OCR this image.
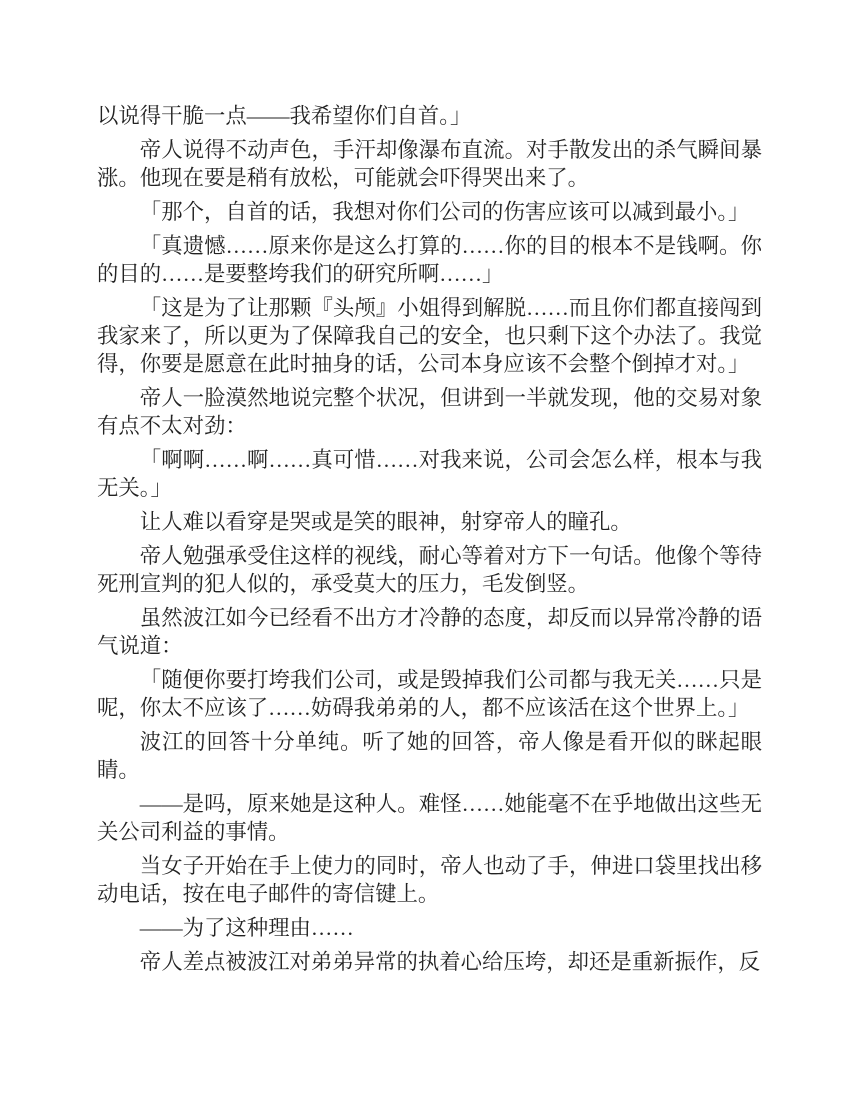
以说得干脆一点——我希望你们自首。」

帝人说得不动声色，手汗却像瀑布直流。对手散发出的杀气瞬间暴涨。他现在要是稍有放松，可能就会吓得哭出来了。

「那个，自首的话，我想对你们公司的伤害应该可以减到最小。」

「真遗憾……原来你是这么打算的……你的目的根本不是钱啊。你的目的……是要整垮我们的研究所啊……」

「这是为了让那颗『头颅』小姐得到解脱……而且你们都直接闯到我家来了，所以更为了保障我自己的安全，也只剩下这个办法了。我觉得，你要是愿意在此时抽身的话，公司本身应该不会整个倒掉才对。」

帝人一脸漠然地说完整个状况，但讲到一半就发现，他的交易对象有点不太对劲：

「啊啊……啊……真可惜……对我来说，公司会怎么样，根本与我无关。」

让人难以看穿是哭或是笑的眼神，射穿帝人的瞳孔。

帝人勉强承受住这样的视线，耐心等着对方下一句话。他像个等待死刑宣判的犯人似的，承受莫大的压力，毛发倒竖。

虽然波江如今已经看不出方才冷静的态度，却反而以异常冷静的语气说道：

「随便你要打垮我们公司，或是毁掉我们公司都与我无关……只是呢，你太不应该了……妨碍我弟弟的人，都不应该活在这个世界上。」

波江的回答十分单纯。听了她的回答，帝人像是看开似的眯起眼睛。

——是吗，原来她是这种人。难怪……她能毫不在乎地做出这些无关公司利益的事情。

当女子开始在手上使力的同时，帝人也动了手，伸进口袋里找出移动电话，按在电子邮件的寄信键上。

——为了这种理由……

帝人差点被波江对弟弟异常的执着心给压垮，却还是重新振作，反
